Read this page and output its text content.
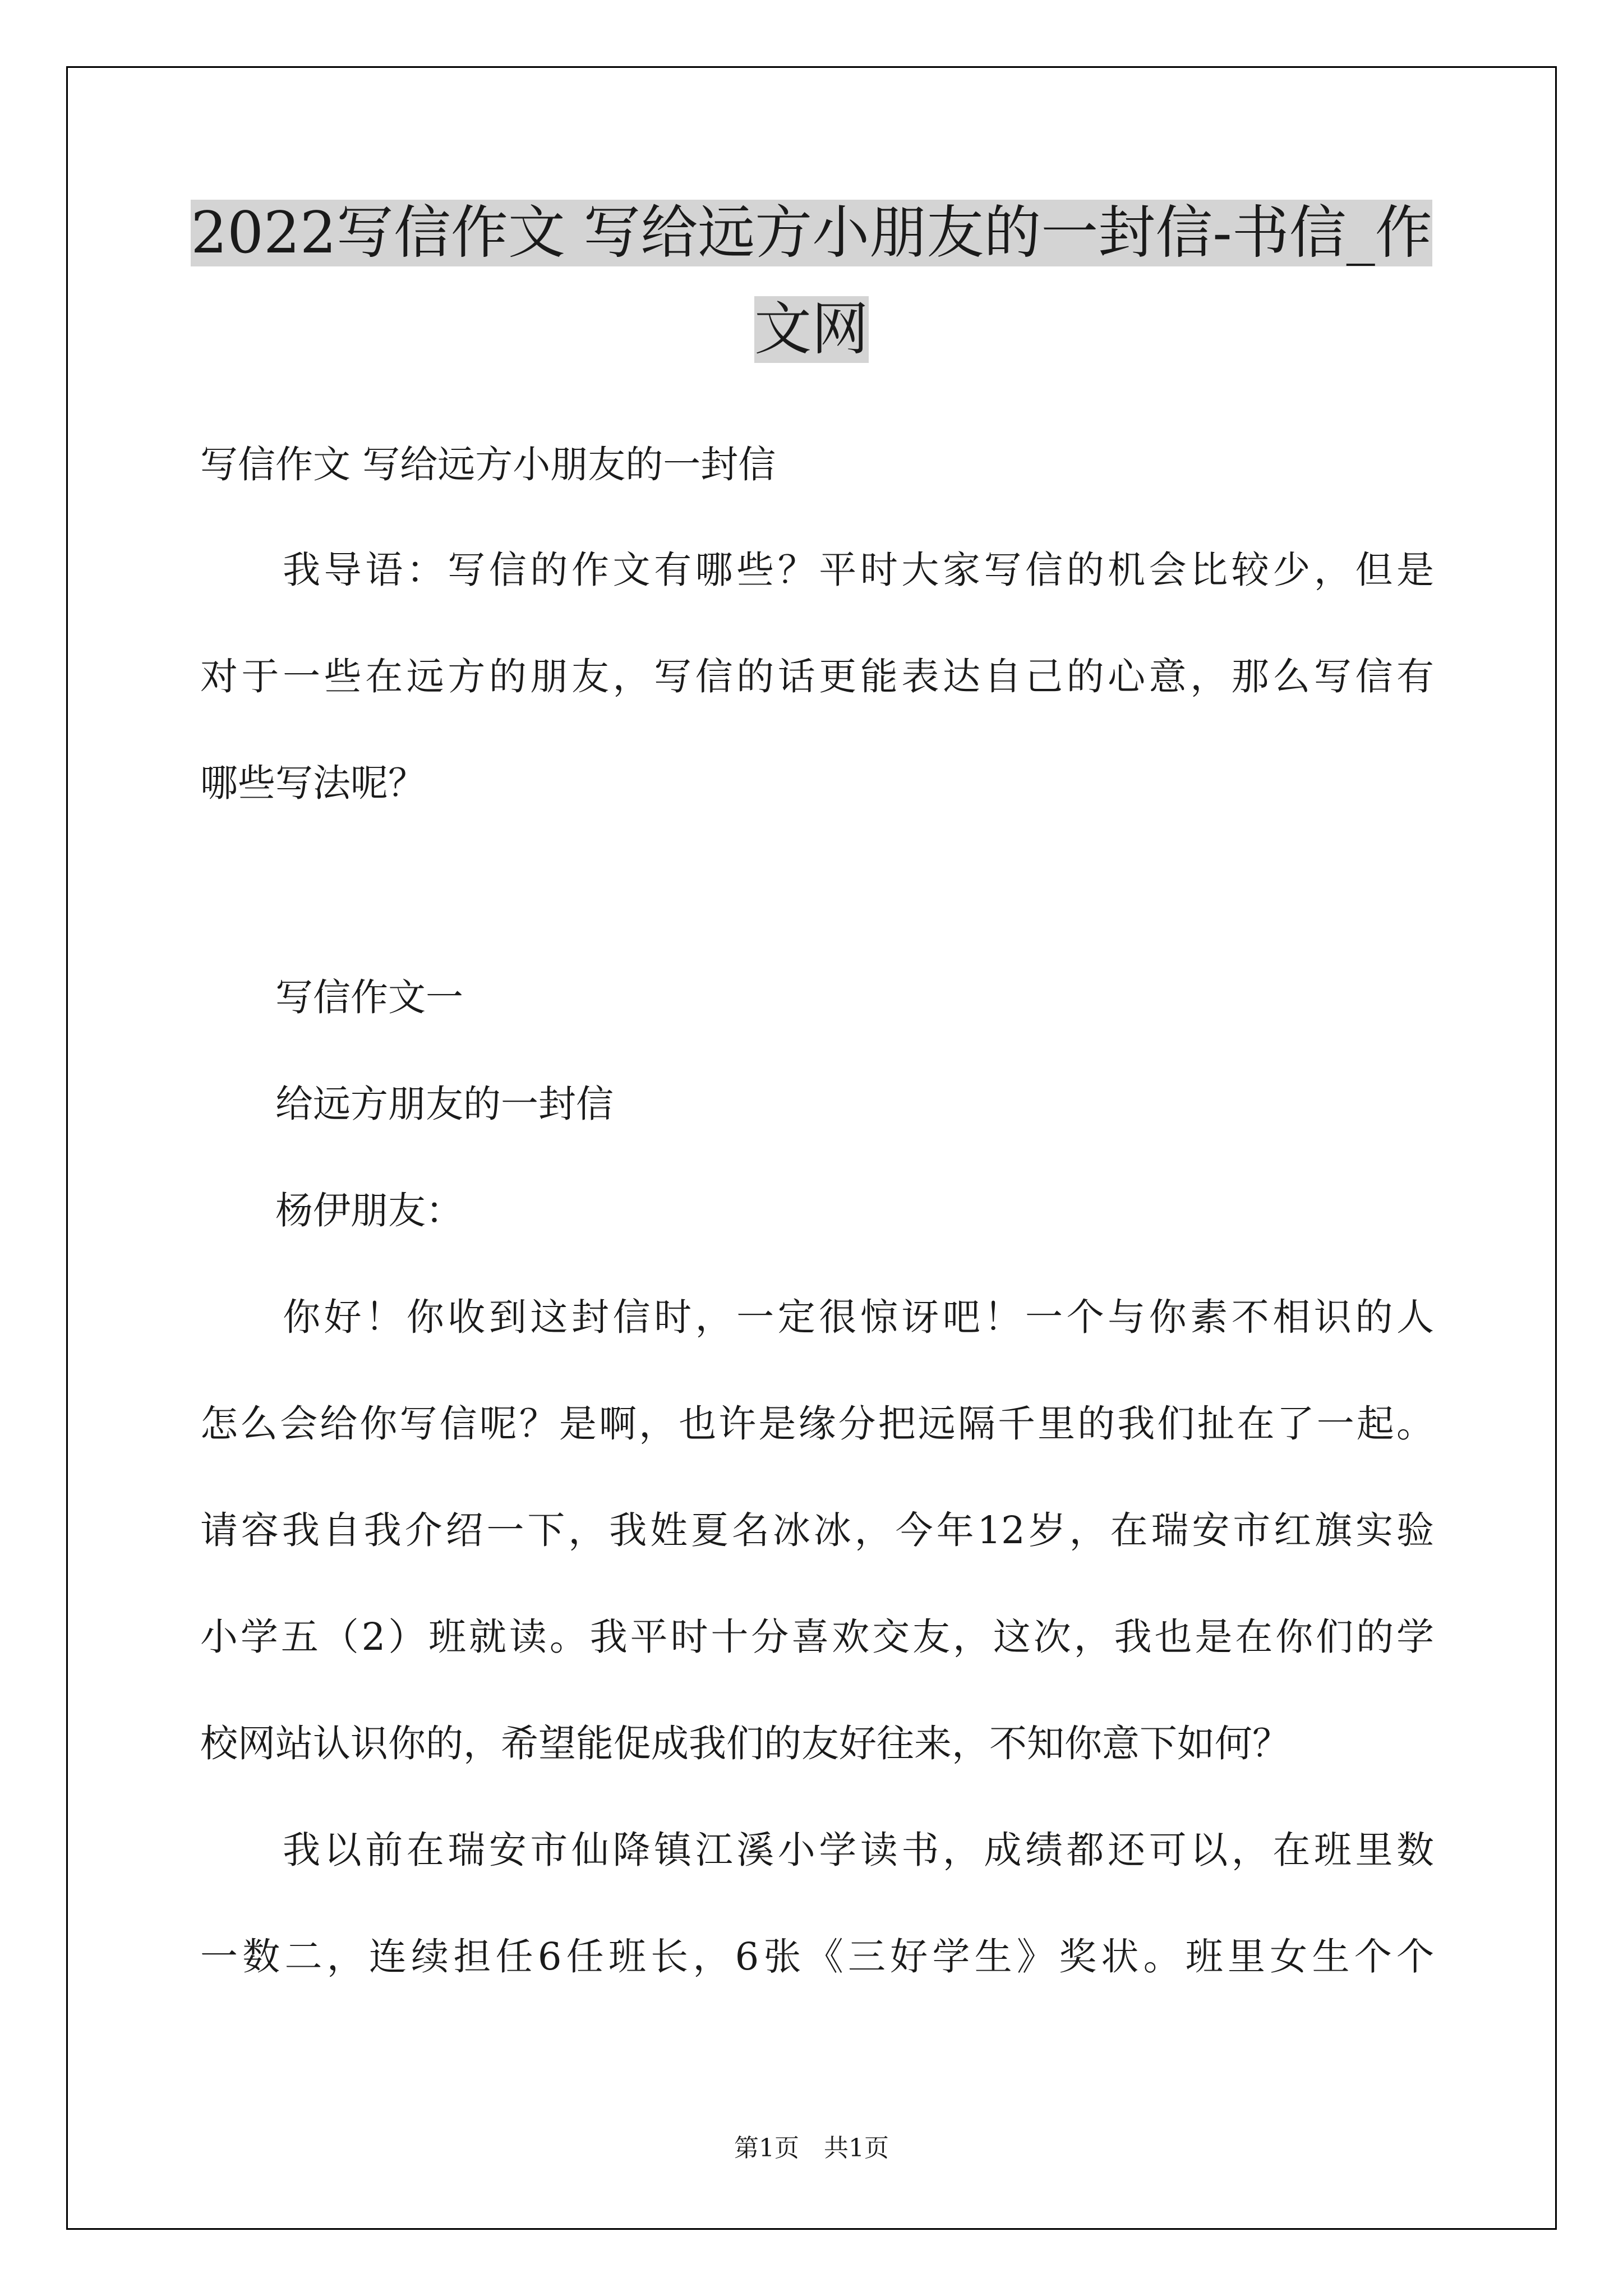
2022写信作文 写给远方小朋友的一封信-书信_作文网
写信作文 写给远方小朋友的一封信
　　我导语：写信的作文有哪些？平时大家写信的机会比较少，但是
对于一些在远方的朋友，写信的话更能表达自己的心意，那么写信有
哪些写法呢？
　　写信作文一
　　给远方朋友的一封信
　　杨伊朋友：
　　你好！你收到这封信时，一定很惊讶吧！一个与你素不相识的人
怎么会给你写信呢？是啊，也许是缘分把远隔千里的我们扯在了一起。
请容我自我介绍一下，我姓夏名冰冰，今年12岁，在瑞安市红旗实验
小学五（2）班就读。我平时十分喜欢交友，这次，我也是在你们的学
校网站认识你的，希望能促成我们的友好往来，不知你意下如何？
　　我以前在瑞安市仙降镇江溪小学读书，成绩都还可以，在班里数
一数二，连续担任6任班长，6张《三好学生》奖状。班里女生个个
第1页　共1页
